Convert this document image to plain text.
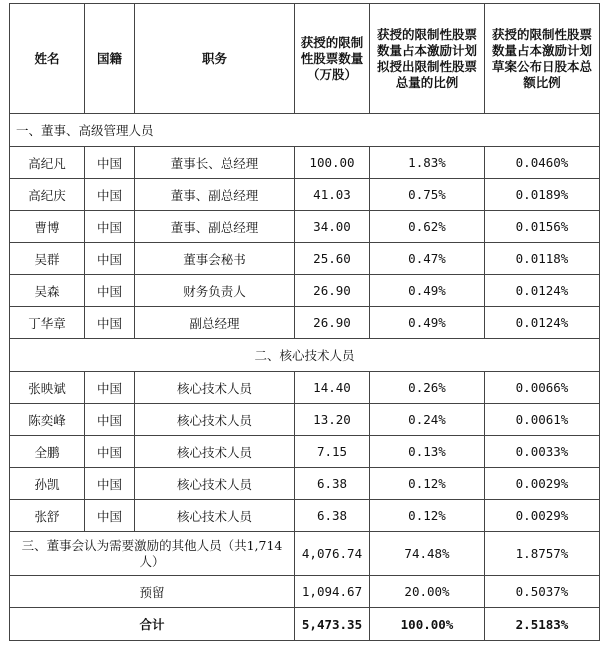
姓名	国籍	职务	获授的限制性股票数量（万股）	获授的限制性股票数量占本激励计划拟授出限制性股票总量的比例	获授的限制性股票数量占本激励计划草案公布日股本总额比例
一、董事、高级管理人员					
高纪凡	中国	董事长、总经理	100.00	1.83%	0.0460%
高纪庆	中国	董事、副总经理	41.03	0.75%	0.0189%
曹博	中国	董事、副总经理	34.00	0.62%	0.0156%
吴群	中国	董事会秘书	25.60	0.47%	0.0118%
吴森	中国	财务负责人	26.90	0.49%	0.0124%
丁华章	中国	副总经理	26.90	0.49%	0.0124%
二、核心技术人员					
张映斌	中国	核心技术人员	14.40	0.26%	0.0066%
陈奕峰	中国	核心技术人员	13.20	0.24%	0.0061%
全鹏	中国	核心技术人员	7.15	0.13%	0.0033%
孙凯	中国	核心技术人员	6.38	0.12%	0.0029%
张舒	中国	核心技术人员	6.38	0.12%	0.0029%
三、董事会认为需要激励的其他人员（共1,714人）			4,076.74	74.48%	1.8757%
预留			1,094.67	20.00%	0.5037%
合计			5,473.35	100.00%	2.5183%
